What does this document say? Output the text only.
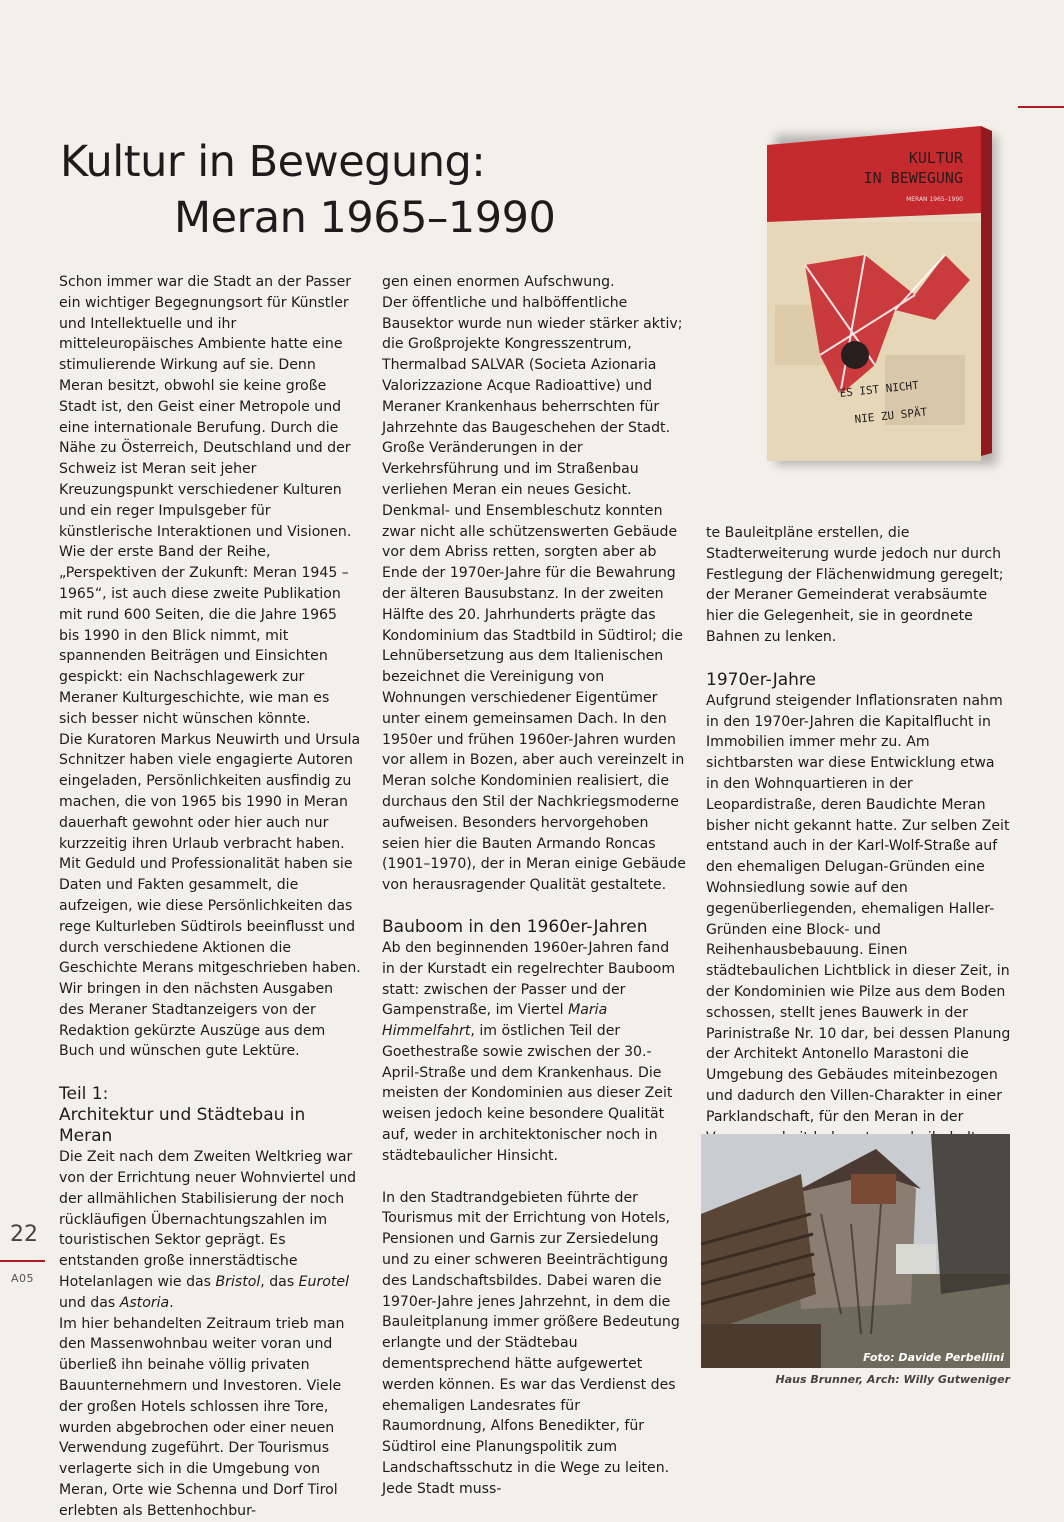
Kultur in Bewegung:
Meran 1965–1990
KULTUR
IN BEWEGUNG
MERAN 1965–1990
ES IST NICHT
NIE ZU SPÄT

Schon immer war die Stadt an der Passer ein wichtiger Begegnungsort für Künstler und Intellektuelle und ihr mitteleuropäisches Ambiente hatte eine stimulierende Wirkung auf sie. Denn Meran besitzt, obwohl sie keine große Stadt ist, den Geist einer Metropole und eine internationale Berufung. Durch die Nähe zu Österreich, Deutschland und der Schweiz ist Meran seit jeher Kreuzungspunkt verschiedener Kulturen und ein reger Impulsgeber für künstlerische Interaktionen und Visionen. Wie der erste Band der Reihe, „Perspektiven der Zukunft: Meran 1945 – 1965“, ist auch diese zweite Publikation mit rund 600 Seiten, die die Jahre 1965 bis 1990 in den Blick nimmt, mit spannenden Beiträgen und Einsichten gespickt: ein Nachschlagewerk zur Meraner Kulturgeschichte, wie man es sich besser nicht wünschen könnte.

Die Kuratoren Markus Neuwirth und Ursula Schnitzer haben viele engagierte Autoren eingeladen, Persönlichkeiten ausfindig zu machen, die von 1965 bis 1990 in Meran dauerhaft gewohnt oder hier auch nur kurzzeitig ihren Urlaub verbracht haben. Mit Geduld und Professionalität haben sie Daten und Fakten gesammelt, die aufzeigen, wie diese Persönlichkeiten das rege Kulturleben Südtirols beeinflusst und durch verschiedene Aktionen die Geschichte Merans mitgeschrieben haben.

Wir bringen in den nächsten Ausgaben des Meraner Stadtanzeigers von der Redaktion gekürzte Auszüge aus dem Buch und wünschen gute Lektüre.

Teil 1:
Architektur und Städtebau in Meran

Die Zeit nach dem Zweiten Weltkrieg war von der Errichtung neuer Wohnviertel und der allmählichen Stabilisierung der noch rückläufigen Übernachtungszahlen im touristischen Sektor geprägt. Es entstanden große innerstädtische Hotelanlagen wie das Bristol, das Eurotel und das Astoria.

Im hier behandelten Zeitraum trieb man den Massenwohnbau weiter voran und überließ ihn beinahe völlig privaten Bauunternehmern und Investoren. Viele der großen Hotels schlossen ihre Tore, wurden abgebrochen oder einer neuen Verwendung zugeführt. Der Tourismus verlagerte sich in die Umgebung von Meran, Orte wie Schenna und Dorf Tirol erlebten als Bettenhochbur-

gen einen enormen Aufschwung.

Der öffentliche und halböffentliche Bausektor wurde nun wieder stärker aktiv; die Großprojekte Kongresszentrum, Thermalbad SALVAR (Societa Azionaria Valorizzazione Acque Radioattive) und Meraner Krankenhaus beherrschten für Jahrzehnte das Baugeschehen der Stadt. Große Veränderungen in der Verkehrsführung und im Straßenbau verliehen Meran ein neues Gesicht. Denkmal- und Ensembleschutz konnten zwar nicht alle schützenswerten Gebäude vor dem Abriss retten, sorgten aber ab Ende der 1970er-Jahre für die Bewahrung der älteren Bausubstanz. In der zweiten Hälfte des 20. Jahrhunderts prägte das Kondominium das Stadtbild in Südtirol; die Lehnübersetzung aus dem Italienischen bezeichnet die Vereinigung von Wohnungen verschiedener Eigentümer unter einem gemeinsamen Dach. In den 1950er und frühen 1960er-Jahren wurden vor allem in Bozen, aber auch vereinzelt in Meran solche Kondominien realisiert, die durchaus den Stil der Nachkriegsmoderne aufweisen. Besonders hervorgehoben seien hier die Bauten Armando Roncas (1901–1970), der in Meran einige Gebäude von herausragender Qualität gestaltete.

Bauboom in den 1960er-Jahren

Ab den beginnenden 1960er-Jahren fand in der Kurstadt ein regelrechter Bauboom statt: zwischen der Passer und der Gampenstraße, im Viertel Maria Himmelfahrt, im östlichen Teil der Goethestraße sowie zwischen der 30.-April-Straße und dem Krankenhaus. Die meisten der Kondominien aus dieser Zeit weisen jedoch keine besondere Qualität auf, weder in architektonischer noch in städtebaulicher Hinsicht.

In den Stadtrandgebieten führte der Tourismus mit der Errichtung von Hotels, Pensionen und Garnis zur Zersiedelung und zu einer schweren Beeinträchtigung des Landschaftsbildes. Dabei waren die 1970er-Jahre jenes Jahrzehnt, in dem die Bauleitplanung immer größere Bedeutung erlangte und der Städtebau dementsprechend hätte aufgewertet werden können. Es war das Verdienst des ehemaligen Landesrates für Raumordnung, Alfons Benedikter, für Südtirol eine Planungspolitik zum Landschaftsschutz in die Wege zu leiten. Jede Stadt muss-

te Bauleitpläne erstellen, die Stadterweiterung wurde jedoch nur durch Festlegung der Flächenwidmung geregelt; der Meraner Gemeinderat verabsäumte hier die Gelegenheit, sie in geordnete Bahnen zu lenken.

1970er-Jahre

Aufgrund steigender Inflationsraten nahm in den 1970er-Jahren die Kapitalflucht in Immobilien immer mehr zu. Am sichtbarsten war diese Entwicklung etwa in den Wohnquartieren in der Leopardistraße, deren Baudichte Meran bisher nicht gekannt hatte. Zur selben Zeit entstand auch in der Karl-Wolf-Straße auf den ehemaligen Delugan-Gründen eine Wohnsiedlung sowie auf den gegenüberliegenden, ehemaligen Haller-Gründen eine Block- und Reihenhausbebauung. Einen städtebaulichen Lichtblick in dieser Zeit, in der Kondominien wie Pilze aus dem Boden schossen, stellt jenes Bauwerk in der Parinistraße Nr. 10 dar, bei dessen Planung der Architekt Antonello Marastoni die Umgebung des Gebäudes miteinbezogen und dadurch den Villen-Charakter in einer Parklandschaft, für den Meran in der

Foto: Davide Perbellini
Haus Brunner, Arch: Willy Gutweniger
22
A05
